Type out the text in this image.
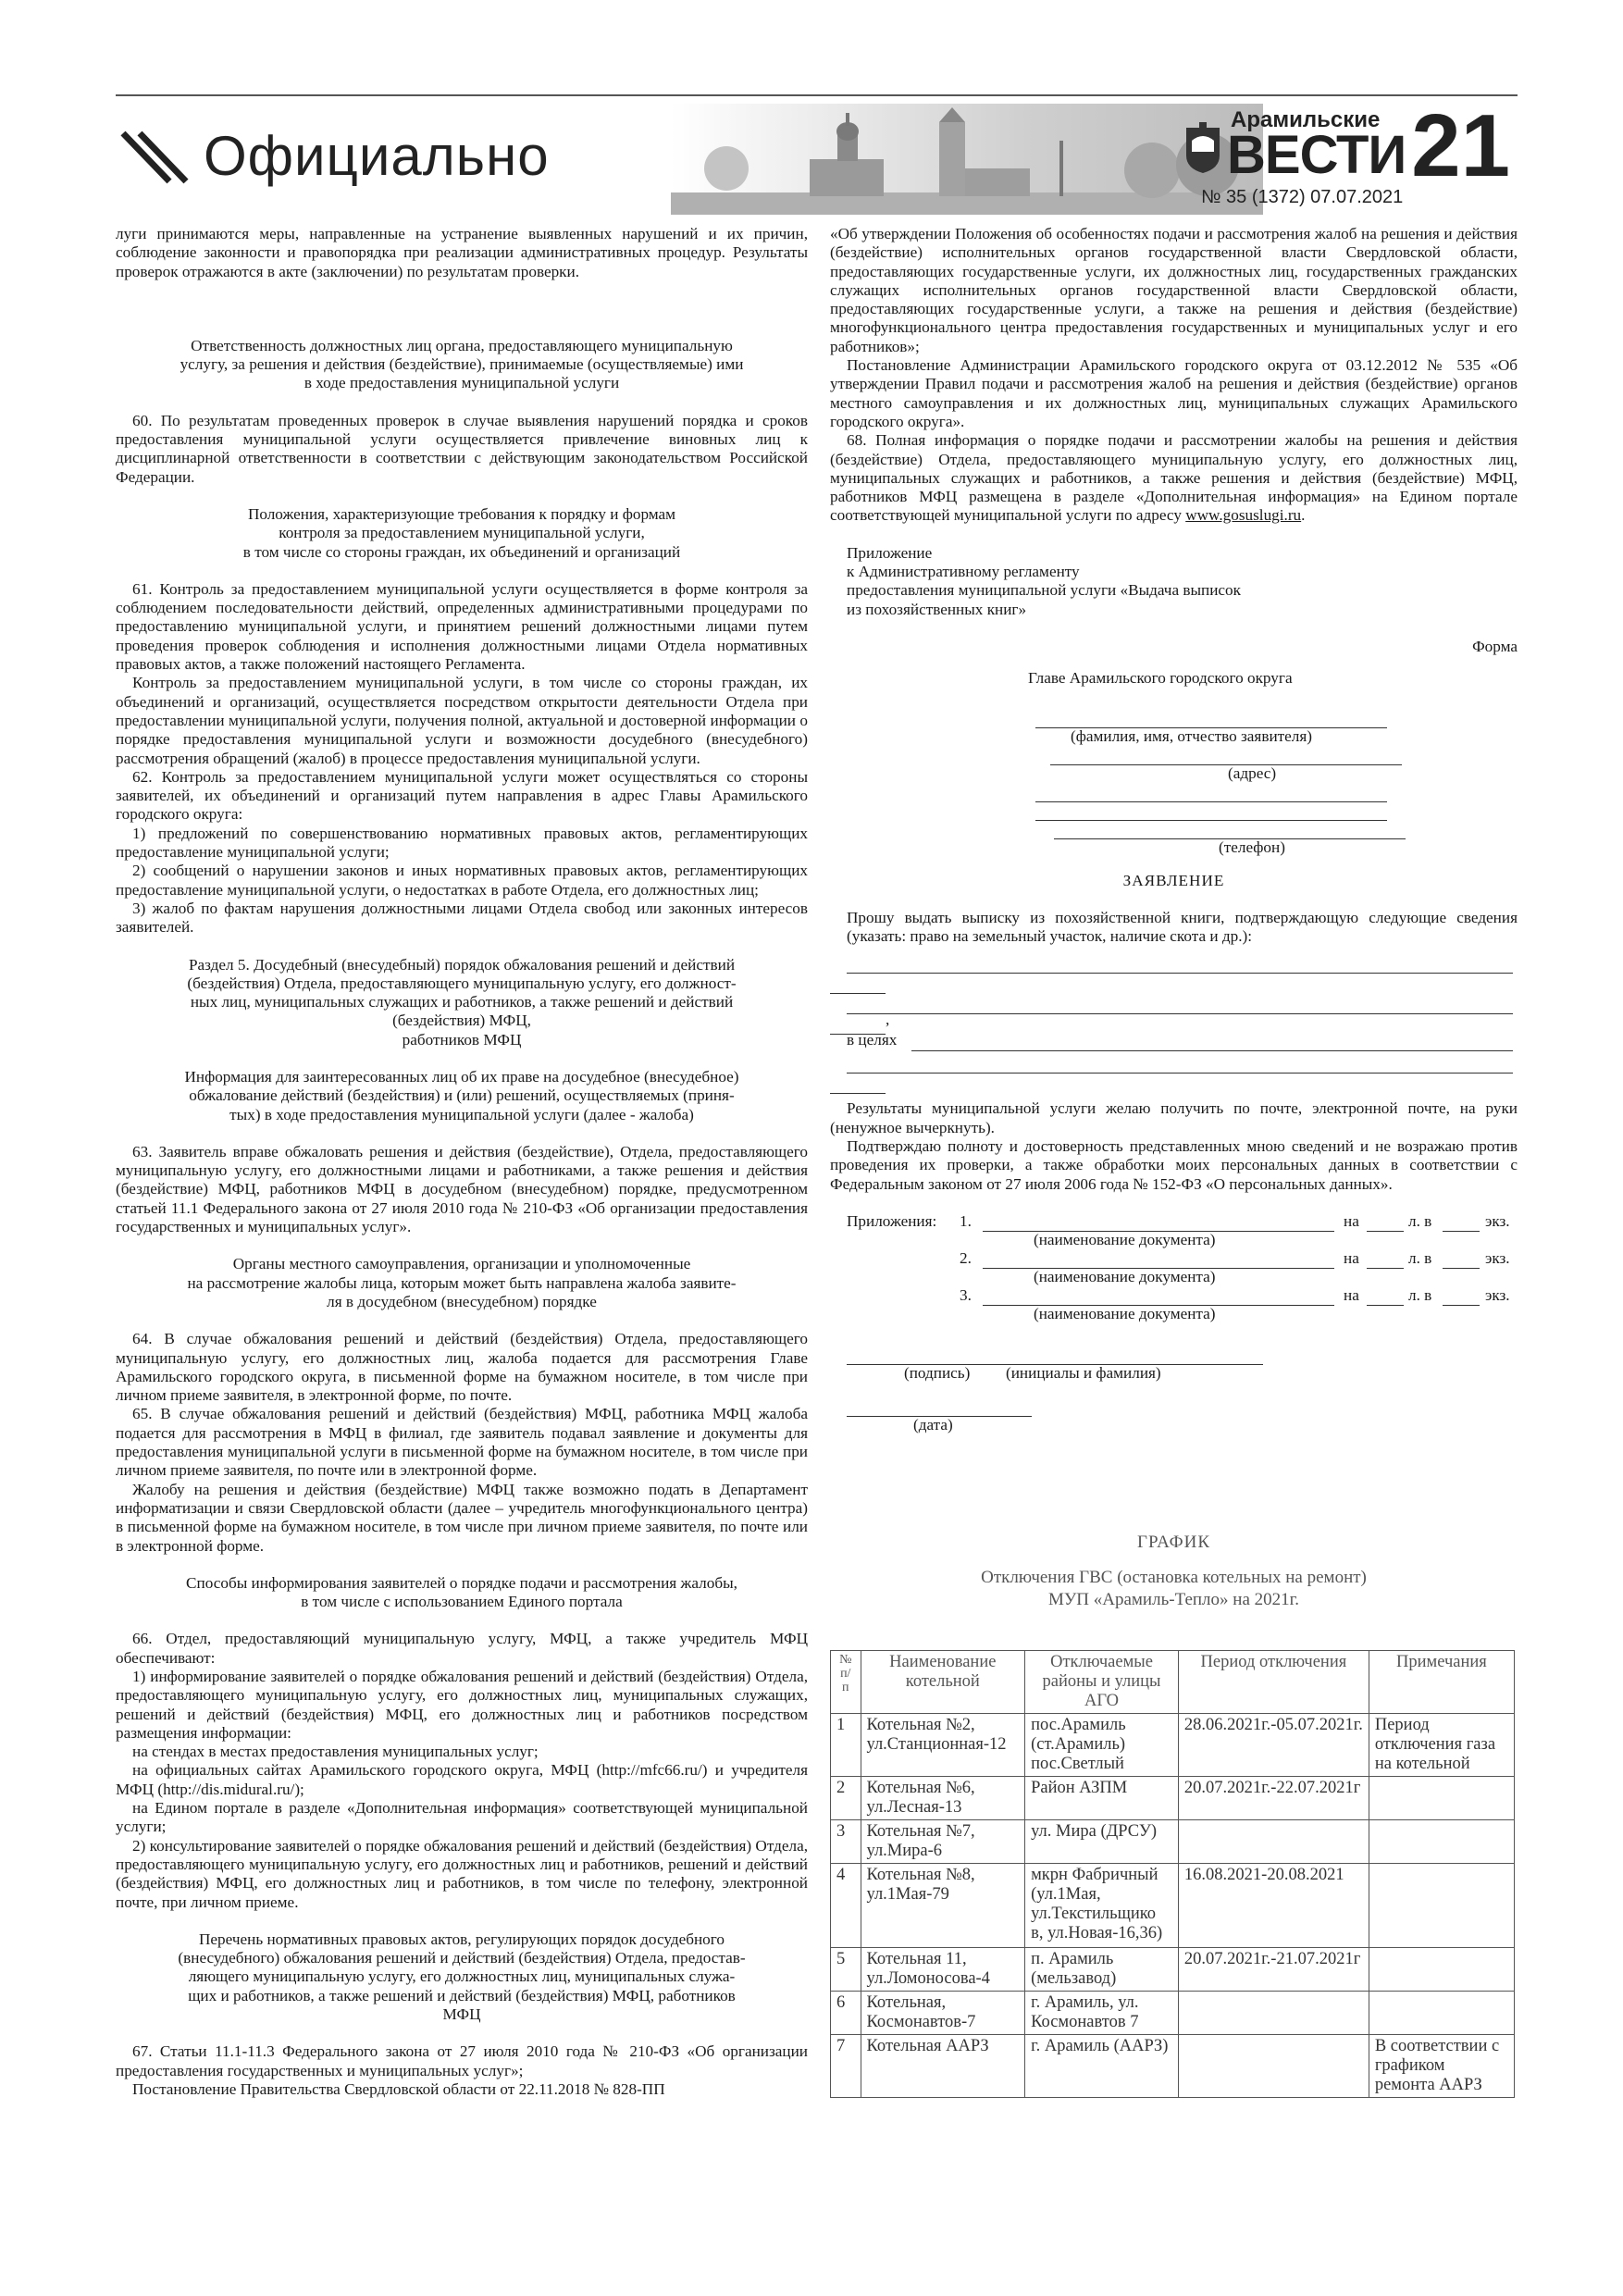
Официально
Арамильские
ВЕСТИ
№ 35 (1372) 07.07.2021
21

луги принимаются меры, направленные на устранение выявленных нарушений и их причин, соблюдение законности и правопорядка при реализации административных процедур. Результаты проверок отражаются в акте (заключении) по результатам проверки.

Ответственность должностных лиц органа, предоставляющего муниципальную
услугу, за решения и действия (бездействие), принимаемые (осуществляемые) ими
в ходе предоставления муниципальной услуги

60. По результатам проведенных проверок в случае выявления нарушений порядка и сроков предоставления муниципальной услуги осуществляется привлечение виновных лиц к дисциплинарной ответственности в соответствии с действующим законодательством Российской Федерации.

Положения, характеризующие требования к порядку и формам
контроля за предоставлением муниципальной услуги,
в том числе со стороны граждан, их объединений и организаций

61. Контроль за предоставлением муниципальной услуги осуществляется в форме контроля за соблюдением последовательности действий, определенных административными процедурами по предоставлению муниципальной услуги, и принятием решений должностными лицами путем проведения проверок соблюдения и исполнения должностными лицами Отдела нормативных правовых актов, а также положений настоящего Регламента.

Контроль за предоставлением муниципальной услуги, в том числе со стороны граждан, их объединений и организаций, осуществляется посредством открытости деятельности Отдела при предоставлении муниципальной услуги, получения полной, актуальной и достоверной информации о порядке предоставления муниципальной услуги и возможности досудебного (внесудебного) рассмотрения обращений (жалоб) в процессе предоставления муниципальной услуги.

62. Контроль за предоставлением муниципальной услуги может осуществляться со стороны заявителей, их объединений и организаций путем направления в адрес Главы Арамильского городского округа:

1) предложений по совершенствованию нормативных правовых актов, регламентирующих предоставление муниципальной услуги;

2) сообщений о нарушении законов и иных нормативных правовых актов, регламентирующих предоставление муниципальной услуги, о недостатках в работе Отдела, его должностных лиц;

3) жалоб по фактам нарушения должностными лицами Отдела свобод или законных интересов заявителей.

Раздел 5. Досудебный (внесудебный) порядок обжалования решений и действий
(бездействия) Отдела, предоставляющего муниципальную услугу, его должност-
ных лиц, муниципальных служащих и работников, а также решений и действий
(бездействия) МФЦ,
работников МФЦ
Информация для заинтересованных лиц об их праве на досудебное (внесудебное)
обжалование действий (бездействия) и (или) решений, осуществляемых (приня-
тых) в ходе предоставления муниципальной услуги (далее - жалоба)

63. Заявитель вправе обжаловать решения и действия (бездействие), Отдела, предоставляющего муниципальную услугу, его должностными лицами и работниками, а также решения и действия (бездействие) МФЦ, работников МФЦ в досудебном (внесудебном) порядке, предусмотренном статьей 11.1 Федерального закона от 27 июля 2010 года № 210-ФЗ «Об организации предоставления государственных и муниципальных услуг».

Органы местного самоуправления, организации и уполномоченные
на рассмотрение жалобы лица, которым может быть направлена жалоба заявите-
ля в досудебном (внесудебном) порядке

64. В случае обжалования решений и действий (бездействия) Отдела, предоставляющего муниципальную услугу, его должностных лиц, жалоба подается для рассмотрения Главе Арамильского городского округа, в письменной форме на бумажном носителе, в том числе при личном приеме заявителя, в электронной форме, по почте.

65. В случае обжалования решений и действий (бездействия) МФЦ, работника МФЦ жалоба подается для рассмотрения в МФЦ в филиал, где заявитель подавал заявление и документы для предоставления муниципальной услуги в письменной форме на бумажном носителе, в том числе при личном приеме заявителя, по почте или в электронной форме.

Жалобу на решения и действия (бездействие) МФЦ также возможно подать в Департамент информатизации и связи Свердловской области (далее – учредитель многофункционального центра) в письменной форме на бумажном носителе, в том числе при личном приеме заявителя, по почте или в электронной форме.

Способы информирования заявителей о порядке подачи и рассмотрения жалобы,
в том числе с использованием Единого портала

66. Отдел, предоставляющий муниципальную услугу, МФЦ, а также учредитель МФЦ обеспечивают:

1) информирование заявителей о порядке обжалования решений и действий (бездействия) Отдела, предоставляющего муниципальную услугу, его должностных лиц, муниципальных служащих, решений и действий (бездействия) МФЦ, его должностных лиц и работников посредством размещения информации:

на стендах в местах предоставления муниципальных услуг;

на официальных сайтах Арамильского городского округа, МФЦ (http://mfc66.ru/) и учредителя МФЦ (http://dis.midural.ru/);

на Едином портале в разделе «Дополнительная информация» соответствующей муниципальной услуги;

2) консультирование заявителей о порядке обжалования решений и действий (бездействия) Отдела, предоставляющего муниципальную услугу, его должностных лиц и работников, решений и действий (бездействия) МФЦ, его должностных лиц и работников, в том числе по телефону, электронной почте, при личном приеме.

Перечень нормативных правовых актов, регулирующих порядок досудебного
(внесудебного) обжалования решений и действий (бездействия) Отдела, предостав-
ляющего муниципальную услугу, его должностных лиц, муниципальных служа-
щих и работников, а также решений и действий (бездействия) МФЦ, работников
МФЦ

67. Статьи 11.1-11.3 Федерального закона от 27 июля 2010 года № 210-ФЗ «Об организации предоставления государственных и муниципальных услуг»;

Постановление Правительства Свердловской области от 22.11.2018 № 828-ПП

«Об утверждении Положения об особенностях подачи и рассмотрения жалоб на решения и действия (бездействие) исполнительных органов государственной власти Свердловской области, предоставляющих государственные услуги, их должностных лиц, государственных гражданских служащих исполнительных органов государственной власти Свердловской области, предоставляющих государственные услуги, а также на решения и действия (бездействие) многофункционального центра предоставления государственных и муниципальных услуг и его работников»;

Постановление Администрации Арамильского городского округа от 03.12.2012 № 535 «Об утверждении Правил подачи и рассмотрения жалоб на решения и действия (бездействие) органов местного самоуправления и их должностных лиц, муниципальных служащих Арамильского городского округа».

68. Полная информация о порядке подачи и рассмотрении жалобы на решения и действия (бездействие) Отдела, предоставляющего муниципальную услугу, его должностных лиц, муниципальных служащих и работников, а также решения и действия (бездействие) МФЦ, работников МФЦ размещена в разделе «Дополнительная информация» на Едином портале соответствующей муниципальной услуги по адресу www.gosuslugi.ru.

Приложение
к Административному регламенту
предоставления муниципальной услуги «Выдача выписок
из похозяйственных книг»
Форма
Главе Арамильского городского округа

(фамилия, имя, отчество заявителя)

(адрес)

(телефон)
ЗАЯВЛЕНИЕ

Прошу выдать выписку из похозяйственной книги, подтверждающую следующие сведения (указать: право на земельный участок, наличие скота и др.):

,
в целях

Результаты муниципальной услуги желаю получить по почте, электронной почте, на руки (ненужное вычеркнуть).

Подтверждаю полноту и достоверность представленных мною сведений и не возражаю против проведения их проверки, а также обработки моих персональных данных в соответствии с Федеральным законом от 27 июля 2006 года № 152-ФЗ «О персональных данных».

Приложения: 1.
	на
	л. в
	экз.
(наименование документа)
2.
	на
	л. в
	экз.
(наименование документа)
3.
	на
	л. в
	экз.
(наименование документа)

(подпись) (инициалы и фамилия)

(дата)
ГРАФИК
Отключения ГВС (остановка котельных на ремонт)
МУП «Арамиль-Тепло» на 2021г.
№ п/ п	Наименование котельной	Отключаемые районы и улицы АГО	Период отключения	Примечания
1	Котельная №2, ул.Станционная-12	пос.Арамиль (ст.Арамиль) пос.Светлый	28.06.2021г.-05.07.2021г.	Период отключения газа на котельной
2	Котельная №6, ул.Лесная-13	Район АЗПМ	20.07.2021г.-22.07.2021г	
3	Котельная №7, ул.Мира-6	ул. Мира (ДРСУ)		
4	Котельная №8, ул.1Мая-79	мкрн Фабричный (ул.1Мая, ул.Текстильщико в, ул.Новая-16,36)	16.08.2021-20.08.2021	
5	Котельная 11, ул.Ломоносова-4	п. Арамиль (мельзавод)	20.07.2021г.-21.07.2021г	
6	Котельная, Космонавтов-7	г. Арамиль, ул. Космонавтов 7		
7	Котельная ААРЗ	г. Арамиль (ААРЗ)		В соответствии с графиком ремонта ААРЗ
